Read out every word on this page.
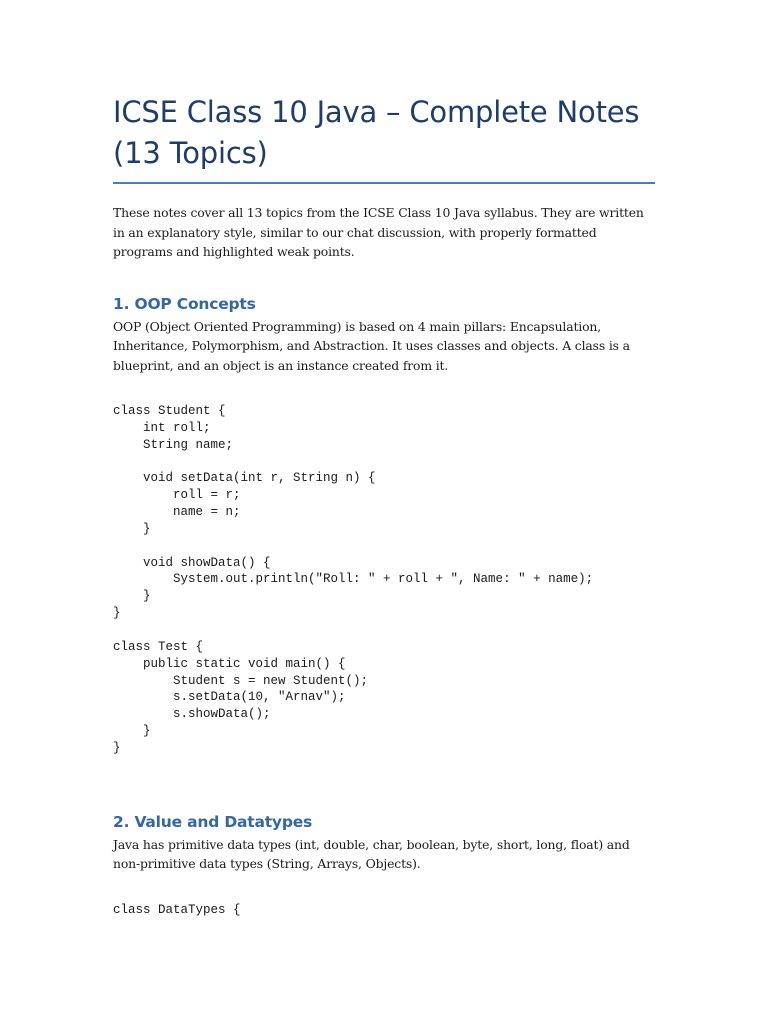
ICSE Class 10 Java – Complete Notes (13 Topics)

These notes cover all 13 topics from the ICSE Class 10 Java syllabus. They are written in an explanatory style, similar to our chat discussion, with properly formatted programs and highlighted weak points.

1. OOP Concepts

OOP (Object Oriented Programming) is based on 4 main pillars: Encapsulation, Inheritance, Polymorphism, and Abstraction. It uses classes and objects. A class is a blueprint, and an object is an instance created from it.

class Student {
int roll;
String name;

void setData(int r, String n) {
roll = r;
name = n;
}

void showData() {
System.out.println("Roll: " + roll + ", Name: " + name);
}
}

class Test {
public static void main() {
Student s = new Student();
s.setData(10, "Arnav");
s.showData();
}
}
2. Value and Datatypes

Java has primitive data types (int, double, char, boolean, byte, short, long, float) and non-primitive data types (String, Arrays, Objects).

class DataTypes {
